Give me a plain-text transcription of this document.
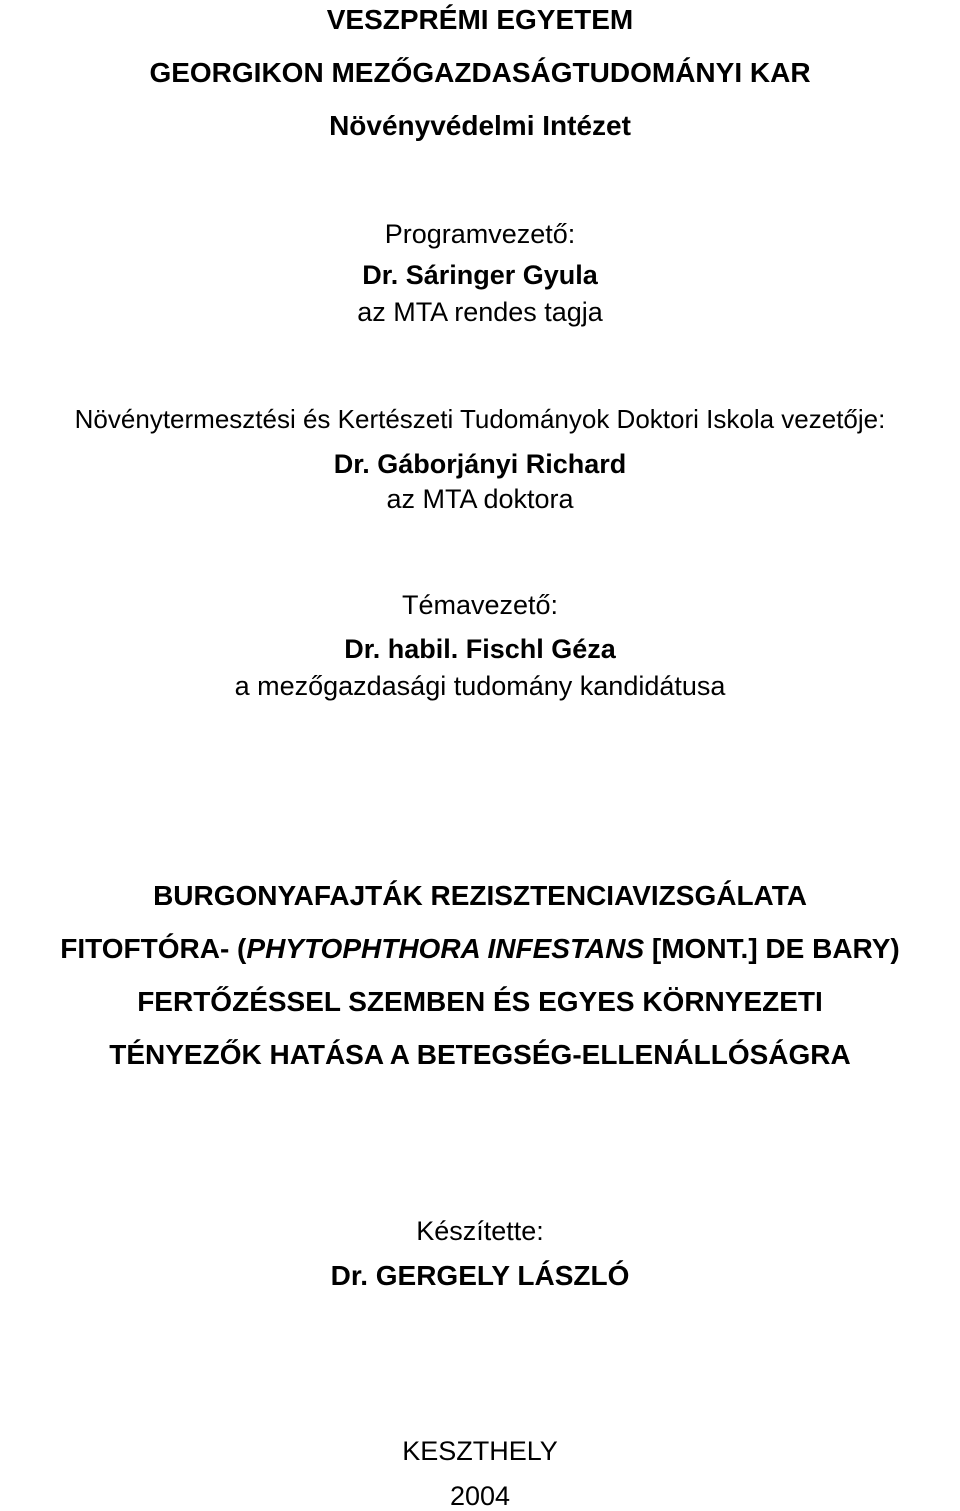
VESZPRÉMI EGYETEM
GEORGIKON MEZŐGAZDASÁGTUDOMÁNYI KAR
Növényvédelmi Intézet
Programvezető:
Dr. Sáringer Gyula
az MTA rendes tagja
Növénytermesztési és Kertészeti Tudományok Doktori Iskola vezetője:
Dr. Gáborjányi Richard
az MTA doktora
Témavezető:
Dr. habil. Fischl Géza
a mezőgazdasági tudomány kandidátusa
BURGONYAFAJTÁK REZISZTENCIAVIZSGÁLATA
FITOFTÓRA- (PHYTOPHTHORA INFESTANS [MONT.] DE BARY)
FERTŐZÉSSEL SZEMBEN ÉS EGYES KÖRNYEZETI
TÉNYEZŐK HATÁSA A BETEGSÉG-ELLENÁLLÓSÁGRA
Készítette:
Dr. GERGELY LÁSZLÓ
KESZTHELY
2004
